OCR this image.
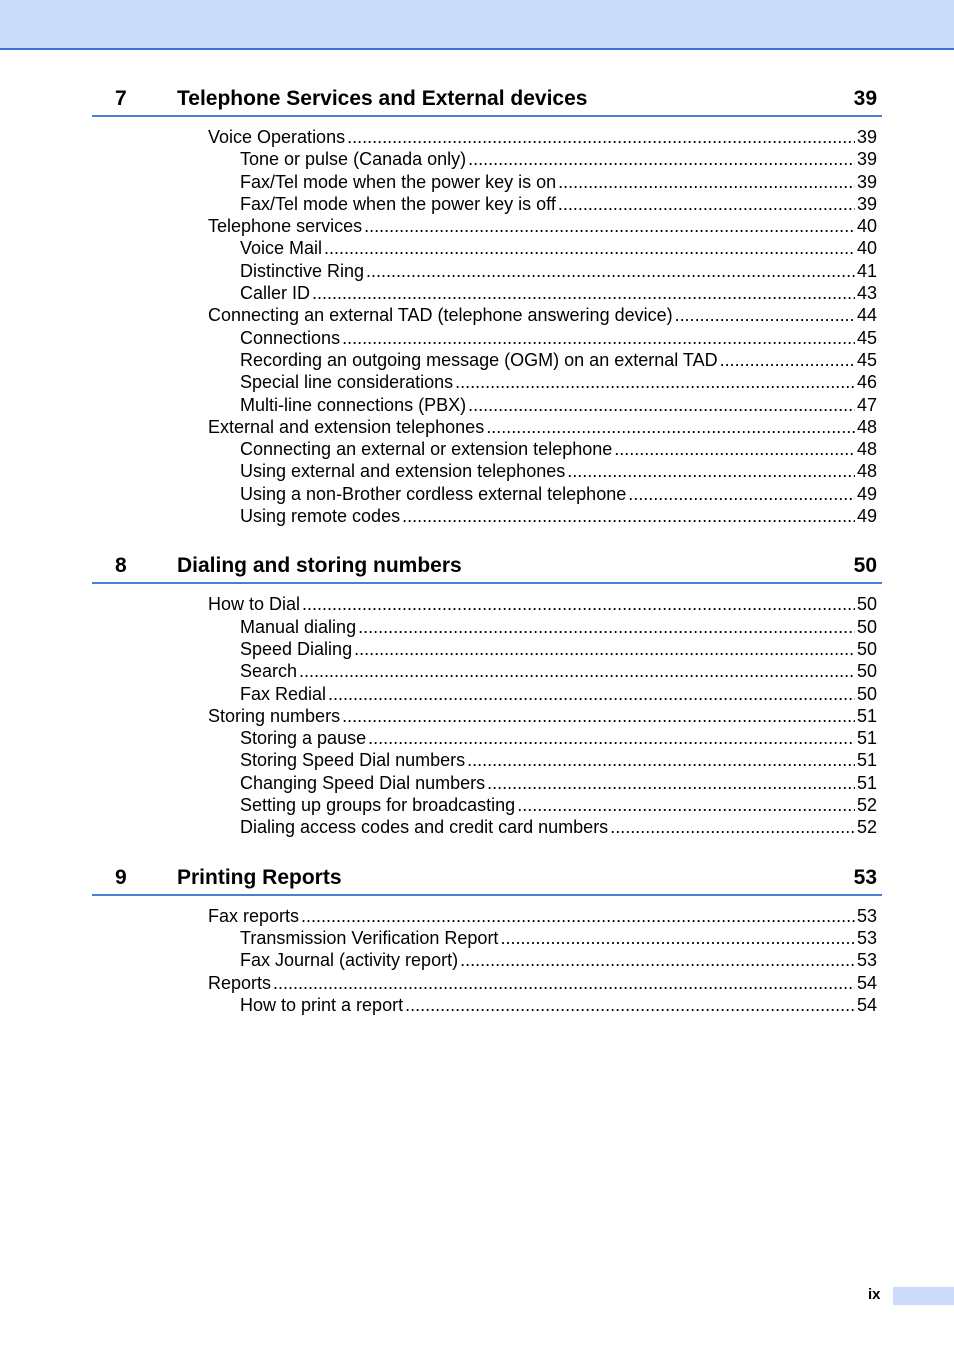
7 Telephone Services and External devices	39
Voice Operations .....	39
Tone or pulse (Canada only) .....	39
Fax/Tel mode when the power key is on .....	39
Fax/Tel mode when the power key is off .....	39
Telephone services .....	40
Voice Mail .....	40
Distinctive Ring .....	41
Caller ID .....	43
Connecting an external TAD (telephone answering device) .....	44
Connections .....	45
Recording an outgoing message (OGM) on an external TAD .....	45
Special line considerations .....	46
Multi-line connections (PBX) .....	47
External and extension telephones .....	48
Connecting an external or extension telephone .....	48
Using external and extension telephones .....	48
Using a non-Brother cordless external telephone .....	49
Using remote codes .....	49
8 Dialing and storing numbers	50
How to Dial .....	50
Manual dialing .....	50
Speed Dialing .....	50
Search .....	50
Fax Redial .....	50
Storing numbers .....	51
Storing a pause .....	51
Storing Speed Dial numbers .....	51
Changing Speed Dial numbers .....	51
Setting up groups for broadcasting .....	52
Dialing access codes and credit card numbers .....	52
9 Printing Reports	53
Fax reports .....	53
Transmission Verification Report .....	53
Fax Journal (activity report) .....	53
Reports .....	54
How to print a report .....	54
ix
